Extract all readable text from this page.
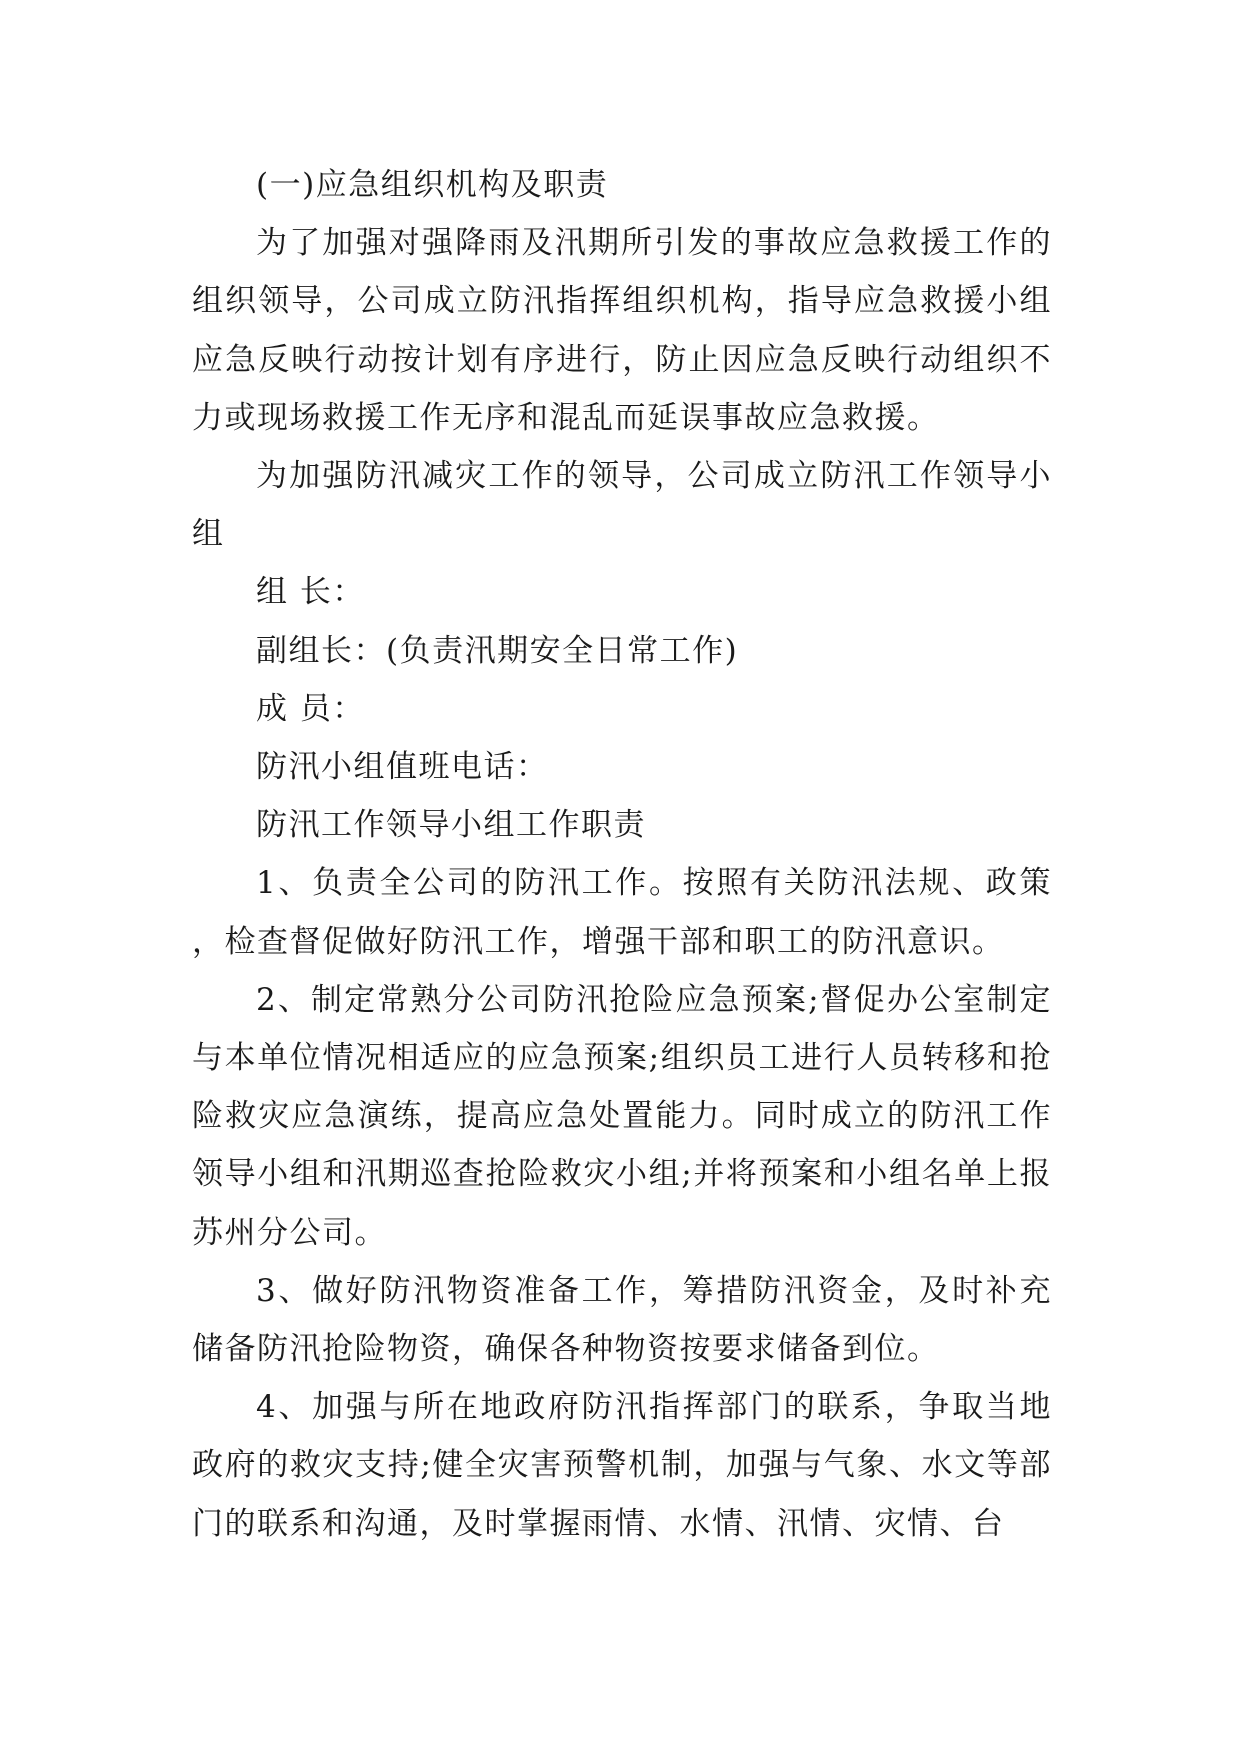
(一)应急组织机构及职责

为了加强对强降雨及汛期所引发的事故应急救援工作的组织领导，公司成立防汛指挥组织机构，指导应急救援小组应急反映行动按计划有序进行，防止因应急反映行动组织不力或现场救援工作无序和混乱而延误事故应急救援。

为加强防汛减灾工作的领导，公司成立防汛工作领导小组

组 长：

副组长：(负责汛期安全日常工作)

成 员：

防汛小组值班电话：

防汛工作领导小组工作职责

1、负责全公司的防汛工作。按照有关防汛法规、政策，检查督促做好防汛工作，增强干部和职工的防汛意识。

2、制定常熟分公司防汛抢险应急预案;督促办公室制定与本单位情况相适应的应急预案;组织员工进行人员转移和抢险救灾应急演练，提高应急处置能力。同时成立的防汛工作领导小组和汛期巡查抢险救灾小组;并将预案和小组名单上报苏州分公司。

3、做好防汛物资准备工作，筹措防汛资金，及时补充储备防汛抢险物资，确保各种物资按要求储备到位。

4、加强与所在地政府防汛指挥部门的联系，争取当地政府的救灾支持;健全灾害预警机制，加强与气象、水文等部门的联系和沟通，及时掌握雨情、水情、汛情、灾情、台
